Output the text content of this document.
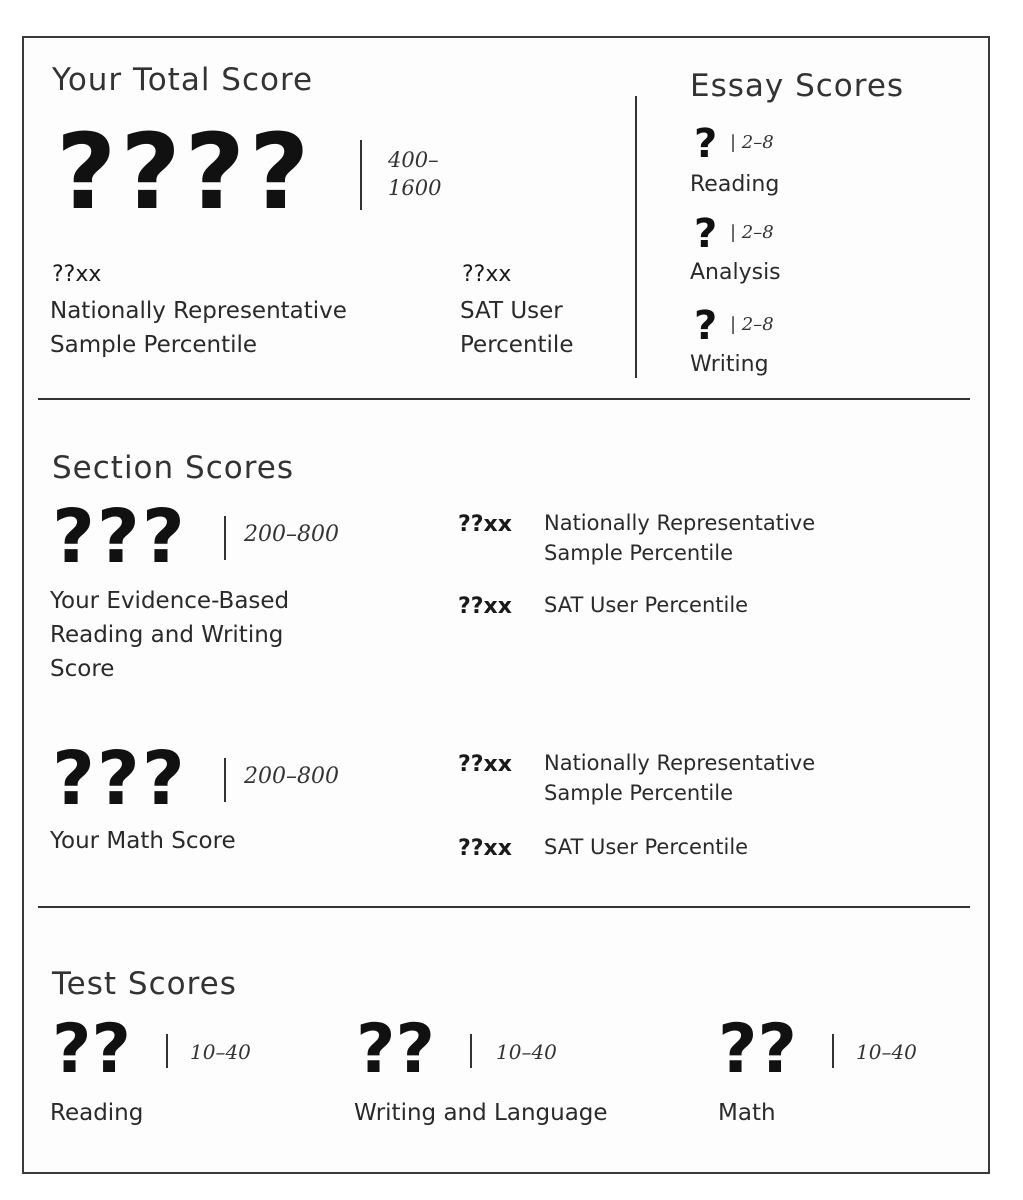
Your Total Score
????	400–
1600
??xx
Nationally Representative
Sample Percentile
??xx
SAT User
Percentile
Essay Scores
? | 2–8
Reading
? | 2–8
Analysis
? | 2–8
Writing
Section Scores
???	200–800
Your Evidence-Based
Reading and Writing
Score
??xx Nationally Representative
Sample Percentile
??xx SAT User Percentile
???	200–800
Your Math Score
??xx Nationally Representative
Sample Percentile
??xx SAT User Percentile
Test Scores
??	10–40
Reading
??	10–40
Writing and Language
??	10–40
Math
